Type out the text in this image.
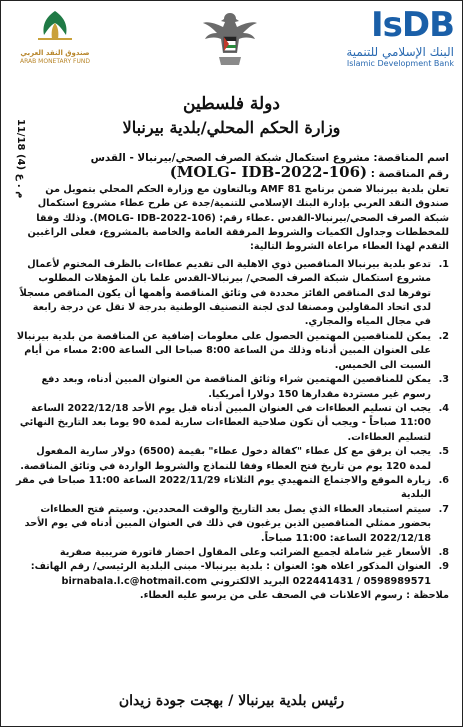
صندوق النقد العربي
ARAB MONETARY FUND
IsDB
البنك الإسلامي للتنمية
Islamic Development Bank
دولة فلسطين
وزارة الحكم المحلي/بلدية بيرنبالا
م . ع (4) 11/18

اسم المناقصة: مشروع استكمال شبكة الصرف الصحي/بيرنبالا - القدس

رقم المناقصة : (MOLG- IDB-2022-106)

تعلن بلدية بيرنبالا ضمن برنامج AMF 81 وبالتعاون مع وزارة الحكم المحلي بتمويل من صندوق النقد العربي بإدارة البنك الإسلامي للتنمية/جدة عن طرح عطاء مشروع استكمال شبكة الصرف الصحي/بيرنبالا-القدس .عطاء رقم: (MOLG- IDB-2022-106). وذلك وفقا للمخططات وجداول الكميات والشروط المرفقة العامة والخاصة بالمشروع، فعلى الراغبين التقدم لهذا العطاء مراعاة الشروط التالية:

1.
تدعو بلدية بيرنبالا المناقصين ذوي الاهلية الى تقديم عطاءات بالظرف المختوم لأعمال مشروع استكمال شبكة الصرف الصحي/ بيرنبالا-القدس علما بان المؤهلات المطلوب توفرها لدى المناقص الفائز محددة في وثائق المناقصة وأهمها أن يكون المناقص مسجلاً لدى اتحاد المقاولين ومصنفا لدى لجنة التصنيف الوطنية بدرجة لا تقل عن درجة رابعة في مجال المياه والمجاري.
2.
يمكن للمناقصين المهتمين الحصول على معلومات إضافية عن المناقصة من بلدية بيرنبالا على العنوان المبين أدناه وذلك من الساعة 8:00 صباحا الى الساعة 2:00 مساء من أيام السبت الى الخميس.
3.
يمكن للمناقصين المهتمين شراء وثائق المناقصة من العنوان المبين أدناه، وبعد دفع رسوم غير مستردة مقدارها 150 دولارا أمريكيا.
4.
يجب ان تسليم العطاءات في العنوان المبين أدناه قبل يوم الأحد 2022/12/18 الساعة 11:00 صباحاً - ويجب أن تكون صلاحية العطاءات سارية لمدة 90 يوما بعد التاريخ النهائي لتسليم العطاءات.
5.
يجب ان يرفق مع كل عطاء "كفالة دخول عطاء" بقيمة (6500) دولار سارية المفعول لمدة 120 يوم من تاريخ فتح العطاء وفقا للنماذج والشروط الواردة في وثائق المناقصة.
6.
زيارة الموقع والاجتماع التمهيدي يوم الثلاثاء 2022/11/29 الساعة 11:00 صباحا في مقر البلدية
7.
سيتم استبعاد العطاء الذي يصل بعد التاريخ والوقت المحددين. وسيتم فتح العطاءات بحضور ممثلي المناقصين الذين يرغبون في ذلك في العنوان المبين أدناه في يوم الأحد 2022/12/18 الساعة: 11:00 صباحاً.
8.
الأسعار غير شاملة لجميع الضرائب وعلى المقاول احضار فاتورة ضريبية صفرية
9.
العنوان المذكور اعلاه هو: العنوان : بلدية بيرنبالا- مبنى البلدية الرئيسي/ رقم الهاتف: 0598989571 / 022441431 البريد الالكتروني birnabala.l.c@hotmail.com

ملاحظة : رسوم الاعلانات في الصحف على من يرسو عليه العطاء.

رئيس بلدية بيرنبالا / بهجت جودة زيدان
